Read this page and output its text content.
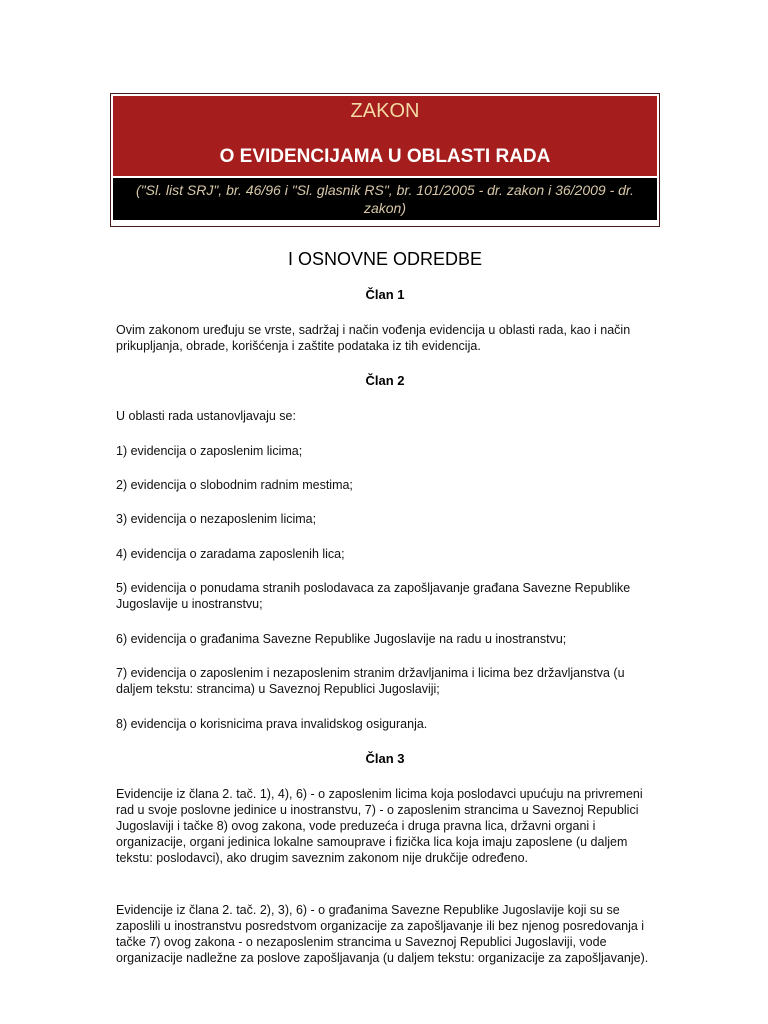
ZAKON
O EVIDENCIJAMA U OBLASTI RADA
("Sl. list SRJ", br. 46/96 i "Sl. glasnik RS", br. 101/2005 - dr. zakon i 36/2009 - dr. zakon)
I OSNOVNE ODREDBE
Član 1
Ovim zakonom uređuju se vrste, sadržaj i način vođenja evidencija u oblasti rada, kao i način prikupljanja, obrade, korišćenja i zaštite podataka iz tih evidencija.
Član 2
U oblasti rada ustanovljavaju se:
1) evidencija o zaposlenim licima;
2) evidencija o slobodnim radnim mestima;
3) evidencija o nezaposlenim licima;
4) evidencija o zaradama zaposlenih lica;
5) evidencija o ponudama stranih poslodavaca za zapošljavanje građana Savezne Republike Jugoslavije u inostranstvu;
6) evidencija o građanima Savezne Republike Jugoslavije na radu u inostranstvu;
7) evidencija o zaposlenim i nezaposlenim stranim državljanima i licima bez državljanstva (u daljem tekstu: strancima) u Saveznoj Republici Jugoslaviji;
8) evidencija o korisnicima prava invalidskog osiguranja.
Član 3
Evidencije iz člana 2. tač. 1), 4), 6) - o zaposlenim licima koja poslodavci upućuju na privremeni rad u svoje poslovne jedinice u inostranstvu, 7) - o zaposlenim strancima u Saveznoj Republici Jugoslaviji i tačke 8) ovog zakona, vode preduzeća i druga pravna lica, državni organi i organizacije, organi jedinica lokalne samouprave i fizička lica koja imaju zaposlene (u daljem tekstu: poslodavci), ako drugim saveznim zakonom nije drukčije određeno.
Evidencije iz člana 2. tač. 2), 3), 6) - o građanima Savezne Republike Jugoslavije koji su se zaposlili u inostranstvu posredstvom organizacije za zapošljavanje ili bez njenog posredovanja i tačke 7) ovog zakona - o nezaposlenim strancima u Saveznoj Republici Jugoslaviji, vode organizacije nadležne za poslove zapošljavanja (u daljem tekstu: organizacije za zapošljavanje).
